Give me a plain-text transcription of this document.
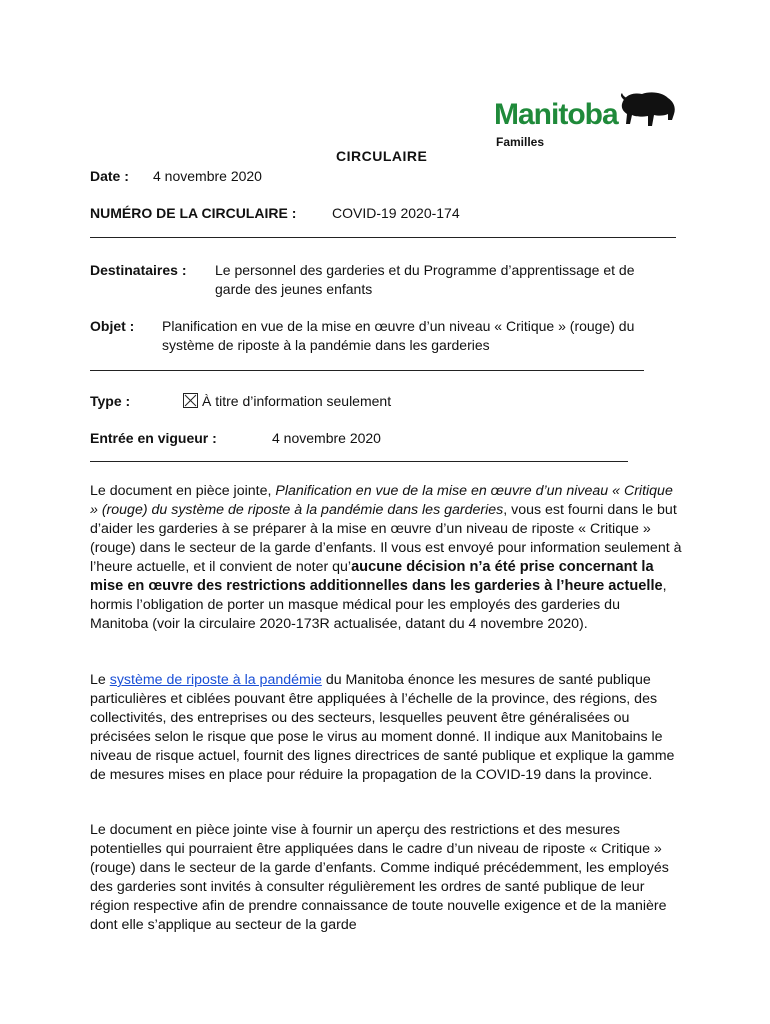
Manitoba
Familles
CIRCULAIRE
Date : 4 novembre 2020
NUMÉRO DE LA CIRCULAIRE :	COVID-19 2020-174
Destinataires : Le personnel des garderies et du Programme d’apprentissage et de
garde des jeunes enfants
Objet : Planification en vue de la mise en œuvre d’un niveau « Critique » (rouge) du
système de riposte à la pandémie dans les garderies
Type :	À titre d’information seulement
Entrée en vigueur :	4 novembre 2020
Le document en pièce jointe, Planification en vue de la mise en œuvre d’un niveau « Critique » (rouge) du système de riposte à la pandémie dans les garderies, vous est fourni dans le but d’aider les garderies à se préparer à la mise en œuvre d’un niveau de riposte « Critique » (rouge) dans le secteur de la garde d’enfants. Il vous est envoyé pour information seulement à l’heure actuelle, et il convient de noter qu’aucune décision n’a été prise concernant la mise en œuvre des restrictions additionnelles dans les garderies à l’heure actuelle, hormis l’obligation de porter un masque médical pour les employés des garderies du Manitoba (voir la circulaire 2020-173R actualisée, datant du 4 novembre 2020).
Le système de riposte à la pandémie du Manitoba énonce les mesures de santé publique particulières et ciblées pouvant être appliquées à l’échelle de la province, des régions, des collectivités, des entreprises ou des secteurs, lesquelles peuvent être généralisées ou précisées selon le risque que pose le virus au moment donné. Il indique aux Manitobains le niveau de risque actuel, fournit des lignes directrices de santé publique et explique la gamme de mesures mises en place pour réduire la propagation de la COVID-19 dans la province.
Le document en pièce jointe vise à fournir un aperçu des restrictions et des mesures potentielles qui pourraient être appliquées dans le cadre d’un niveau de riposte « Critique » (rouge) dans le secteur de la garde d’enfants. Comme indiqué précédemment, les employés des garderies sont invités à consulter régulièrement les ordres de santé publique de leur région respective afin de prendre connaissance de toute nouvelle exigence et de la manière dont elle s’applique au secteur de la garde
